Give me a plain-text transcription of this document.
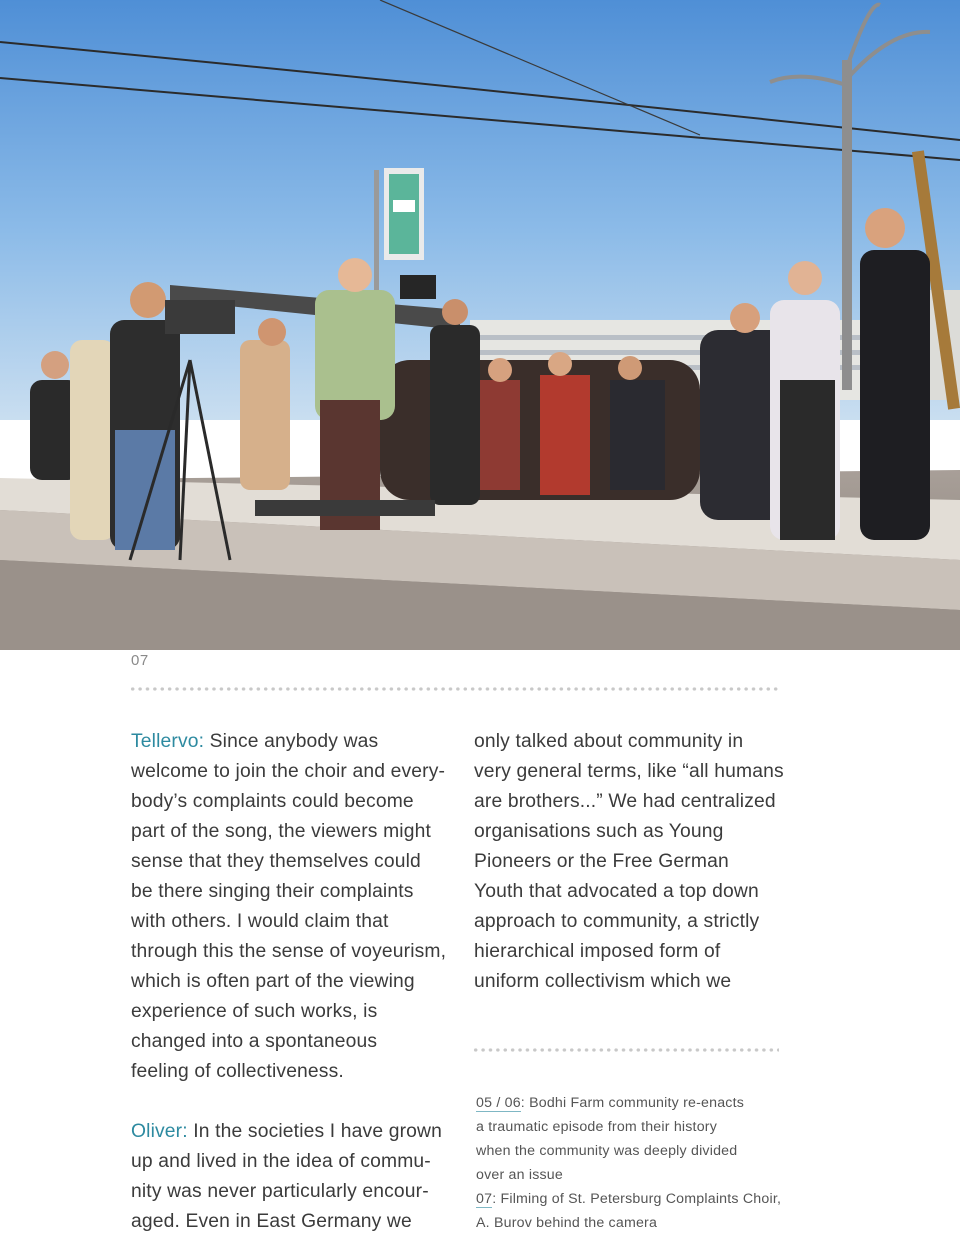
07

Tellervo: Since anybody was
welcome to join the choir and every-
body’s complaints could become
part of the song, the viewers might
sense that they themselves could
be there singing their complaints
with others. I would claim that
through this the sense of voyeurism,
which is often part of the viewing
experience of such works, is
changed into a spontaneous
feeling of collectiveness.

Oliver: In the societies I have grown
up and lived in the idea of commu-
nity was never particularly encour-
aged. Even in East Germany we

only talked about community in
very general terms, like “all humans
are brothers...” We had centralized
organisations such as Young
Pioneers or the Free German
Youth that advocated a top down
approach to community, a strictly
hierarchical imposed form of
uniform collectivism which we

05 / 06: Bodhi Farm community re-enacts
a traumatic episode from their history
when the community was deeply divided
over an issue

07: Filming of St. Petersburg Complaints Choir,
A. Burov behind the camera
